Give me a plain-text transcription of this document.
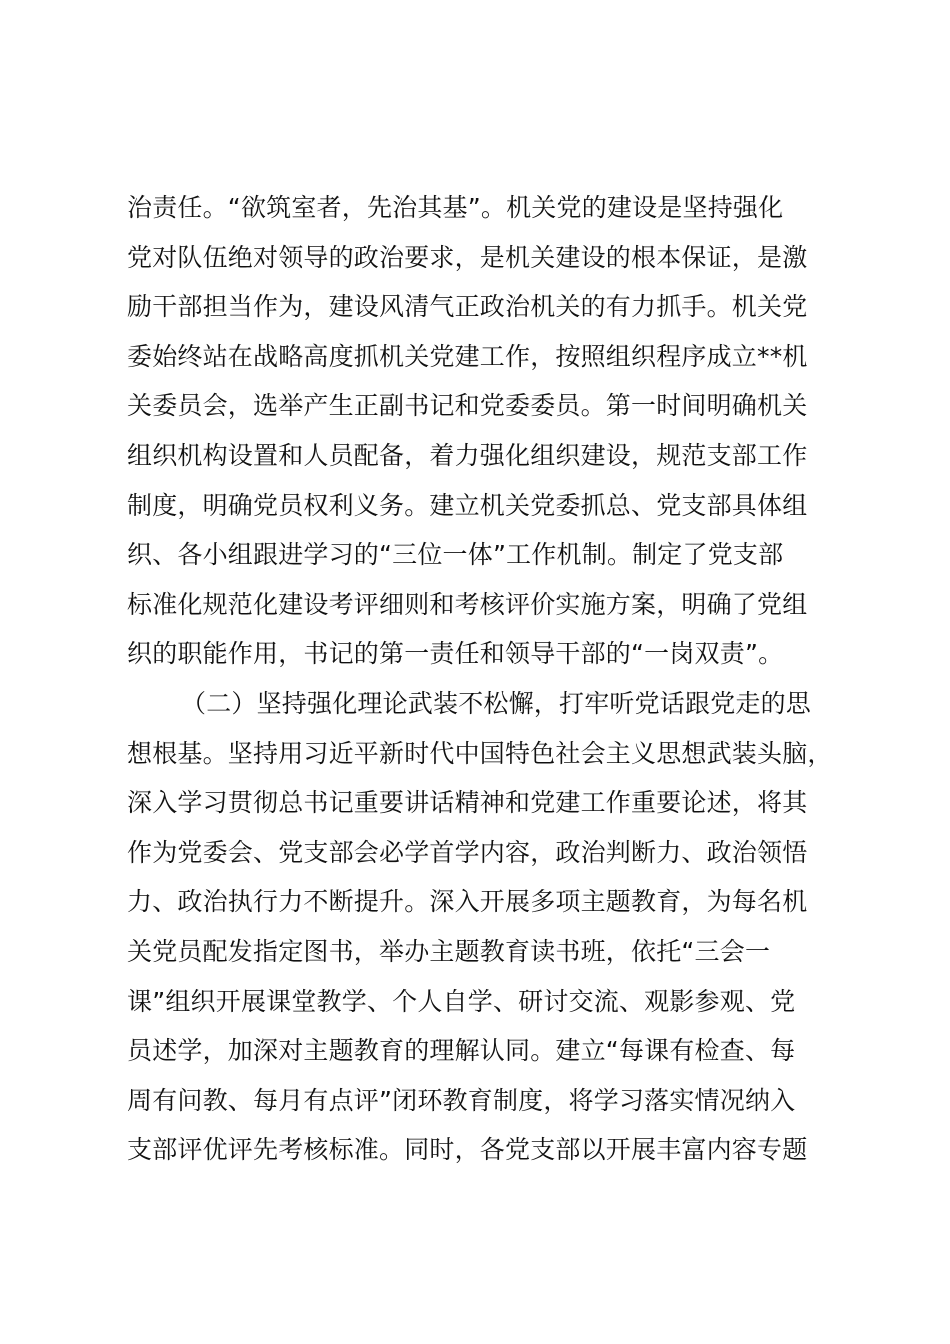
治责任。“欲筑室者，先治其基”。机关党的建设是坚持强化
党对队伍绝对领导的政治要求，是机关建设的根本保证，是激
励干部担当作为，建设风清气正政治机关的有力抓手。机关党
委始终站在战略高度抓机关党建工作，按照组织程序成立**机
关委员会，选举产生正副书记和党委委员。第一时间明确机关
组织机构设置和人员配备，着力强化组织建设，规范支部工作
制度，明确党员权利义务。建立机关党委抓总、党支部具体组
织、各小组跟进学习的“三位一体”工作机制。制定了党支部
标准化规范化建设考评细则和考核评价实施方案，明确了党组
织的职能作用，书记的第一责任和领导干部的“一岗双责”。
（二）坚持强化理论武装不松懈，打牢听党话跟党走的思
想根基。坚持用习近平新时代中国特色社会主义思想武装头脑，
深入学习贯彻总书记重要讲话精神和党建工作重要论述，将其
作为党委会、党支部会必学首学内容，政治判断力、政治领悟
力、政治执行力不断提升。深入开展多项主题教育，为每名机
关党员配发指定图书，举办主题教育读书班，依托“三会一
课”组织开展课堂教学、个人自学、研讨交流、观影参观、党
员述学，加深对主题教育的理解认同。建立“每课有检查、每
周有问教、每月有点评”闭环教育制度，将学习落实情况纳入
支部评优评先考核标准。同时，各党支部以开展丰富内容专题
